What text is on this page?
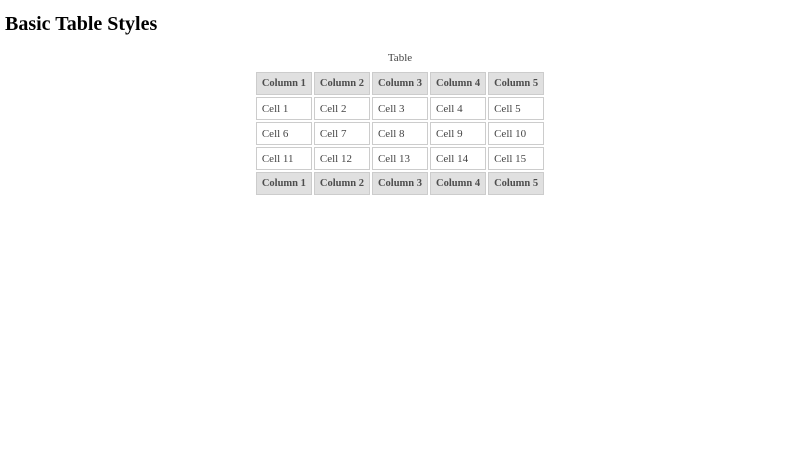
Basic Table Styles
Table
Column 1	Column 2	Column 3	Column 4	Column 5
Cell 1	Cell 2	Cell 3	Cell 4	Cell 5
Cell 6	Cell 7	Cell 8	Cell 9	Cell 10
Cell 11	Cell 12	Cell 13	Cell 14	Cell 15
Column 1	Column 2	Column 3	Column 4	Column 5
